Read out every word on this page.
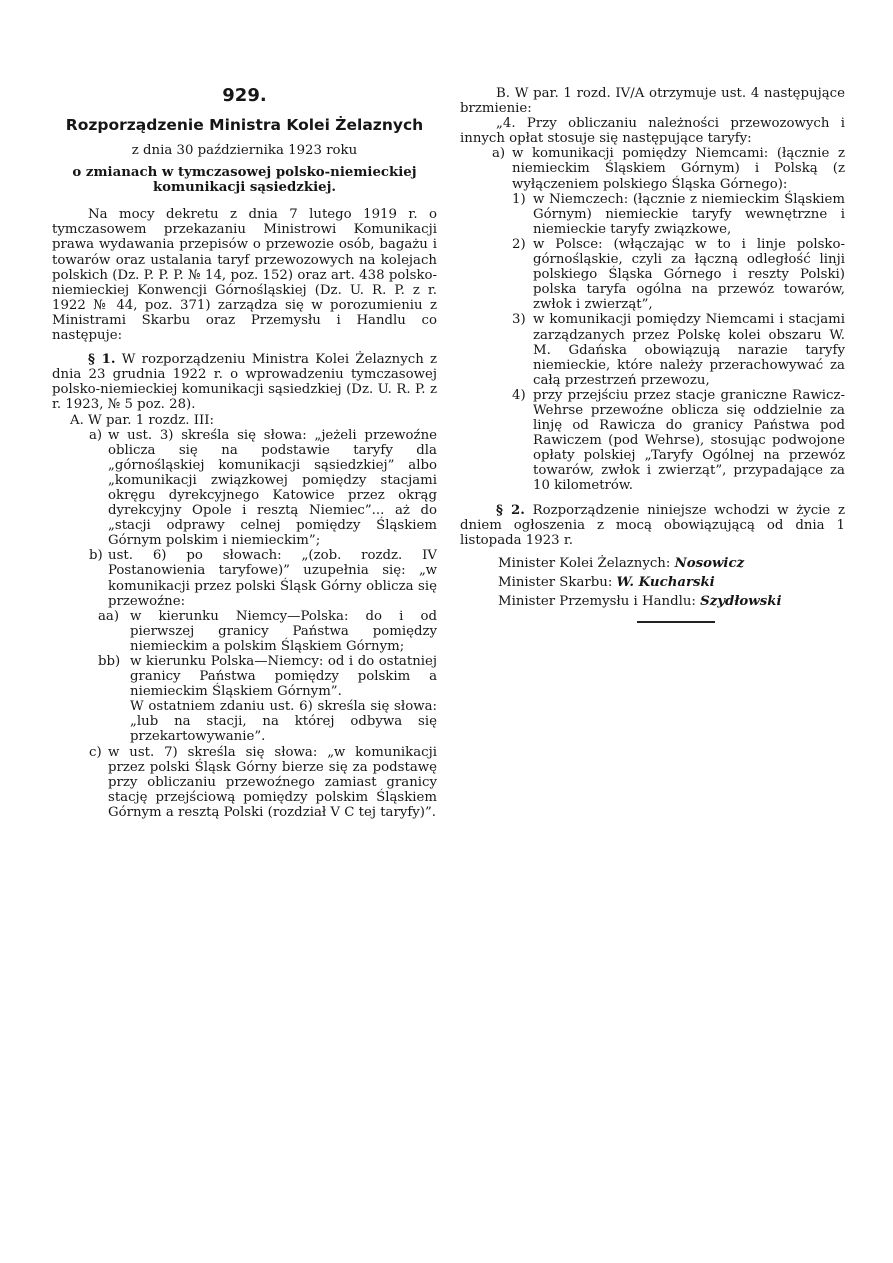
929.
Rozporządzenie Ministra Kolei Żelaznych
z dnia 30 października 1923 roku
o zmianach w tymczasowej polsko-niemieckiej komunikacji sąsiedzkiej.

Na mocy dekretu z dnia 7 lutego 1919 r. o tymczasowem przekazaniu Ministrowi Komunikacji prawa wydawania przepisów o przewozie osób, bagażu i towarów oraz ustalania taryf przewozowych na kolejach polskich (Dz. P. P. P. № 14, poz. 152) oraz art. 438 polsko-niemieckiej Konwencji Górnośląskiej (Dz. U. R. P. z r. 1922 № 44, poz. 371) zarządza się w porozumieniu z Ministrami Skarbu oraz Przemysłu i Handlu co następuje:

§ 1. W rozporządzeniu Ministra Kolei Żelaznych z dnia 23 grudnia 1922 r. o wprowadzeniu tymczasowej polsko-niemieckiej komunikacji sąsiedzkiej (Dz. U. R. P. z r. 1923, № 5 poz. 28).

A. W par. 1 rozdz. III:

a) w ust. 3) skreśla się słowa: „jeżeli przewoźne oblicza się na podstawie taryfy dla „górnośląskiej komunikacji sąsiedzkiej” albo „komunikacji związkowej pomiędzy stacjami okręgu dyrekcyjnego Katowice przez okrąg dyrekcyjny Opole i resztą Niemiec”... aż do „stacji odprawy celnej pomiędzy Śląskiem Górnym polskim i niemieckim”;
b) ust. 6) po słowach: „(zob. rozdz. IV Postanowienia taryfowe)” uzupełnia się: „w komunikacji przez polski Śląsk Górny oblicza się przewoźne:
aa) w kierunku Niemcy—Polska: do i od pierwszej granicy Państwa pomiędzy niemieckim a polskim Śląskiem Górnym;
bb) w kierunku Polska—Niemcy: od i do ostatniej granicy Państwa pomiędzy polskim a niemieckim Śląskiem Górnym”.

W ostatniem zdaniu ust. 6) skreśla się słowa: „lub na stacji, na której odbywa się przekartowywanie”.

c) w ust. 7) skreśla się słowa: „w komunikacji przez polski Śląsk Górny bierze się za podstawę przy obliczaniu przewoźnego zamiast granicy stację przejściową pomiędzy polskim Śląskiem Górnym a resztą Polski (rozdział V C tej taryfy)”.

B. W par. 1 rozd. IV/A otrzymuje ust. 4 następujące brzmienie:

„4. Przy obliczaniu należności przewozowych i innych opłat stosuje się następujące taryfy:

a) w komunikacji pomiędzy Niemcami: (łącznie z niemieckim Śląskiem Górnym) i Polską (z wyłączeniem polskiego Śląska Górnego):
1) w Niemczech: (łącznie z niemieckim Śląskiem Górnym) niemieckie taryfy wewnętrzne i niemieckie taryfy związkowe,
2) w Polsce: (włączając w to i linje polsko-górnośląskie, czyli za łączną odległość linji polskiego Śląska Górnego i reszty Polski) polska taryfa ogólna na przewóz towarów, zwłok i zwierząt”,
3) w komunikacji pomiędzy Niemcami i stacjami zarządzanych przez Polskę kolei obszaru W. M. Gdańska obowiązują narazie taryfy niemieckie, które należy przerachowywać za całą przestrzeń przewozu,
4) przy przejściu przez stacje graniczne Rawicz-Wehrse przewoźne oblicza się oddzielnie za linję od Rawicza do granicy Państwa pod Rawiczem (pod Wehrse), stosując podwojone opłaty polskiej „Taryfy Ogólnej na przewóz towarów, zwłok i zwierząt”, przypadające za 10 kilometrów.

§ 2. Rozporządzenie niniejsze wchodzi w życie z dniem ogłoszenia z mocą obowiązującą od dnia 1 listopada 1923 r.

Minister Kolei Żelaznych: Nosowicz
Minister Skarbu: W. Kucharski
Minister Przemysłu i Handlu: Szydłowski
